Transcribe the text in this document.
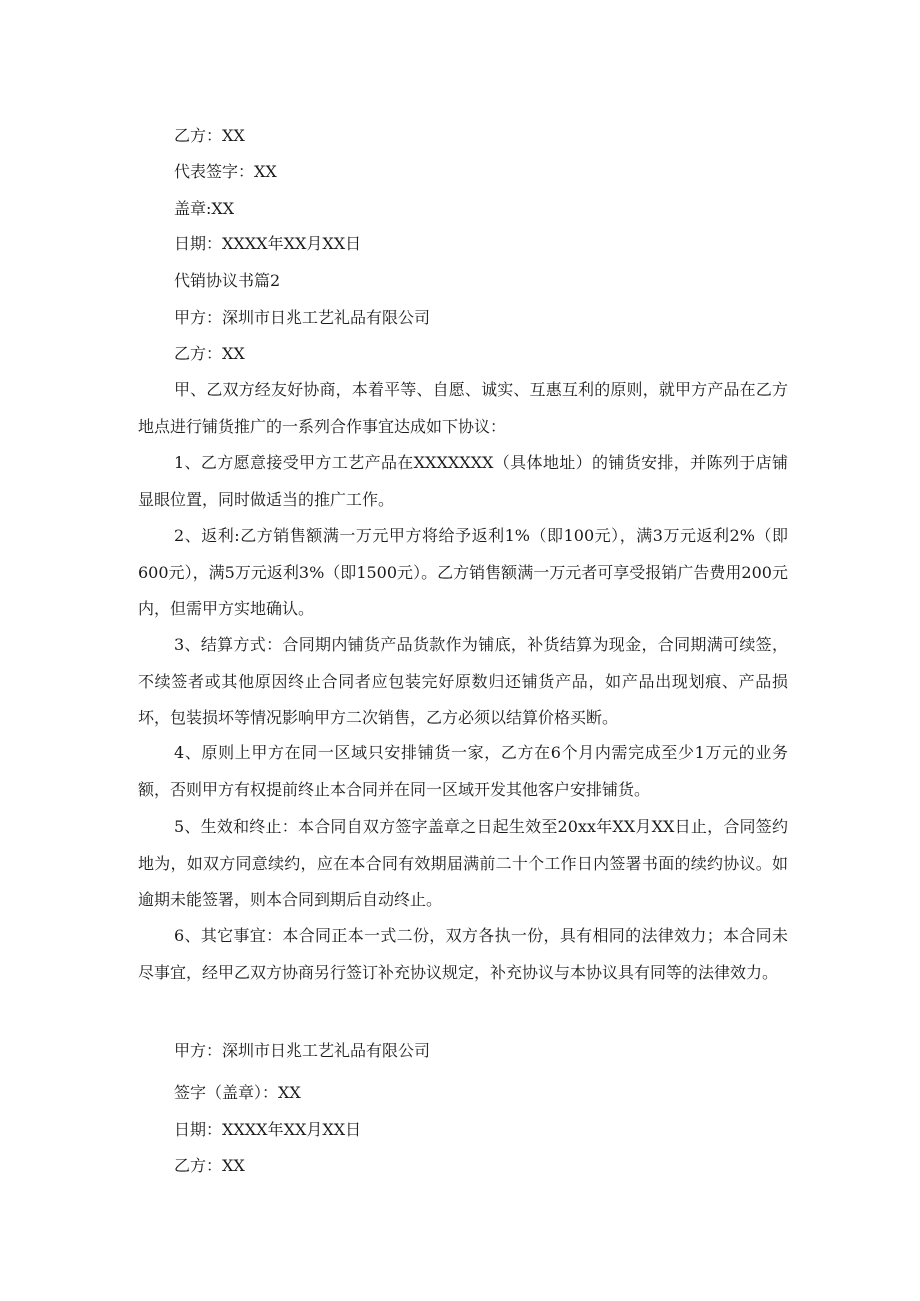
乙方：XX
代表签字：XX
盖章:XX
日期：XXXX年XX月XX日
代销协议书篇2
甲方：深圳市日兆工艺礼品有限公司
乙方：XX
甲、乙双方经友好协商，本着平等、自愿、诚实、互惠互利的原则，就甲方产品在乙方地点进行铺货推广的一系列合作事宜达成如下协议：
1、乙方愿意接受甲方工艺产品在XXXXXXX（具体地址）的铺货安排，并陈列于店铺显眼位置，同时做适当的推广工作。
2、返利:乙方销售额满一万元甲方将给予返利1%（即100元），满3万元返利2%（即600元），满5万元返利3%（即1500元）。乙方销售额满一万元者可享受报销广告费用200元内，但需甲方实地确认。
3、结算方式：合同期内铺货产品货款作为铺底，补货结算为现金，合同期满可续签，不续签者或其他原因终止合同者应包装完好原数归还铺货产品，如产品出现划痕、产品损坏，包装损坏等情况影响甲方二次销售，乙方必须以结算价格买断。
4、原则上甲方在同一区域只安排铺货一家，乙方在6个月内需完成至少1万元的业务额，否则甲方有权提前终止本合同并在同一区域开发其他客户安排铺货。
5、生效和终止：本合同自双方签字盖章之日起生效至20xx年XX月XX日止，合同签约地为，如双方同意续约，应在本合同有效期届满前二十个工作日内签署书面的续约协议。如逾期未能签署，则本合同到期后自动终止。
6、其它事宜：本合同正本一式二份，双方各执一份，具有相同的法律效力；本合同未尽事宜，经甲乙双方协商另行签订补充协议规定，补充协议与本协议具有同等的法律效力。
甲方：深圳市日兆工艺礼品有限公司
签字（盖章）：XX
日期：XXXX年XX月XX日
乙方：XX
